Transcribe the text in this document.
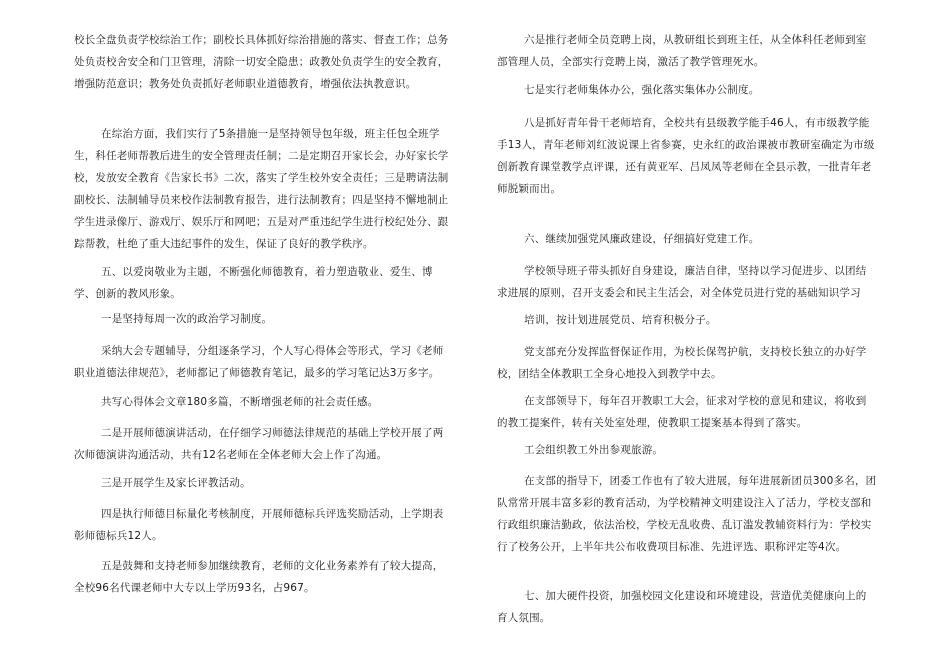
校长全盘负责学校综治工作；副校长具体抓好综治措施的落实、督查工作；总务处负责校舍安全和门卫管理，清除一切安全隐患；政教处负责学生的安全教育，增强防范意识；教务处负责抓好老师职业道德教育，增强依法执教意识。

在综治方面，我们实行了5条措施一是坚持领导包年级，班主任包全班学生，科任老师帮教后进生的安全管理责任制；二是定期召开家长会，办好家长学校，发放安全教育《告家长书》二次，落实了学生校外安全责任；三是聘请法制副校长、法制辅导员来校作法制教育报告，进行法制教育；四是坚持不懈地制止学生进录像厅、游戏厅、娱乐厅和网吧；五是对严重违纪学生进行校纪处分、跟踪帮教，杜绝了重大违纪事件的发生，保证了良好的教学秩序。

五、以爱岗敬业为主题，不断强化师德教育，着力塑造敬业、爱生、博学、创新的教风形象。

一是坚持每周一次的政治学习制度。

采纳大会专题辅导，分组逐条学习，个人写心得体会等形式，学习《老师职业道德法律规范》，老师都记了师德教育笔记，最多的学习笔记达3万多字。

共写心得体会文章180多篇，不断增强老师的社会责任感。

二是开展师德演讲活动，在仔细学习师德法律规范的基础上学校开展了两次师德演讲沟通活动，共有12名老师在全体老师大会上作了沟通。

三是开展学生及家长评教活动。

四是执行师德目标量化考核制度，开展师德标兵评选奖励活动，上学期表彰师德标兵12人。

五是鼓舞和支持老师参加继续教育，老师的文化业务素养有了较大提高，全校96名代课老师中大专以上学历93名，占967。

六是推行老师全员竞聘上岗，从教研组长到班主任，从全体科任老师到室部管理人员，全部实行竞聘上岗，激活了教学管理死水。

七是实行老师集体办公，强化落实集体办公制度。

八是抓好青年骨干老师培育，全校共有县级教学能手46人，有市级教学能手13人，青年老师刘红波说课上省参赛，史永红的政治课被市教研室确定为市级创新教育课堂教学点评课，还有黄亚军、吕凤凤等老师在全县示教，一批青年老师脱颖而出。

六、继续加强党风廉政建设，仔细搞好党建工作。

学校领导班子带头抓好自身建设，廉洁自律，坚持以学习促进步、以团结求进展的原则，召开支委会和民主生活会，对全体党员进行党的基础知识学习

培训，按计划进展党员、培育积极分子。

党支部充分发挥监督保证作用，为校长保驾护航，支持校长独立的办好学校，团结全体教职工全身心地投入到教学中去。

在支部领导下，每年召开教职工大会，征求对学校的意见和建议，将收到的教工提案件，转有关处室处理，使教职工提案基本得到了落实。

工会组织教工外出参观旅游。

在支部的指导下，团委工作也有了较大进展，每年进展新团员300多名，团队常常开展丰富多彩的教育活动，为学校精神文明建设注入了活力，学校支部和行政组织廉洁勤政，依法治校，学校无乱收费、乱订滥发教辅资料行为：学校实行了校务公开，上半年共公布收费项目标准、先进评选、职称评定等4次。

七、加大硬件投资，加强校园文化建设和环境建设，营造优美健康向上的育人氛围。
